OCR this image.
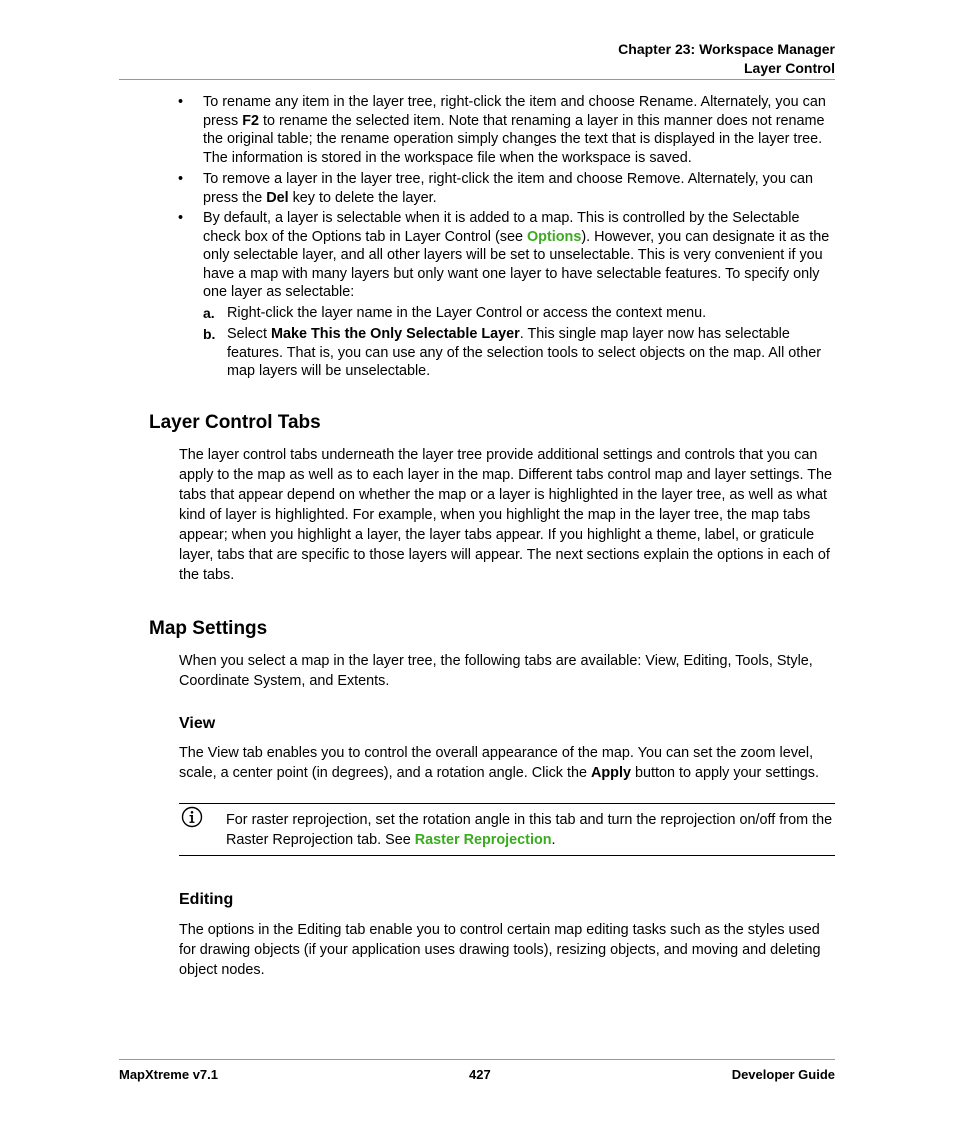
Chapter 23: Workspace Manager
Layer Control
• To rename any item in the layer tree, right-click the item and choose Rename. Alternately, you can press F2 to rename the selected item. Note that renaming a layer in this manner does not rename the original table; the rename operation simply changes the text that is displayed in the layer tree. The information is stored in the workspace file when the workspace is saved.
• To remove a layer in the layer tree, right-click the item and choose Remove. Alternately, you can press the Del key to delete the layer.
• By default, a layer is selectable when it is added to a map. This is controlled by the Selectable check box of the Options tab in Layer Control (see Options). However, you can designate it as the only selectable layer, and all other layers will be set to unselectable. This is very convenient if you have a map with many layers but only want one layer to have selectable features. To specify only one layer as selectable:
a. Right-click the layer name in the Layer Control or access the context menu.
b. Select Make This the Only Selectable Layer. This single map layer now has selectable features. That is, you can use any of the selection tools to select objects on the map. All other map layers will be unselectable.
Layer Control Tabs
The layer control tabs underneath the layer tree provide additional settings and controls that you can apply to the map as well as to each layer in the map. Different tabs control map and layer settings. The tabs that appear depend on whether the map or a layer is highlighted in the layer tree, as well as what kind of layer is highlighted. For example, when you highlight the map in the layer tree, the map tabs appear; when you highlight a layer, the layer tabs appear. If you highlight a theme, label, or graticule layer, tabs that are specific to those layers will appear. The next sections explain the options in each of the tabs.
Map Settings
When you select a map in the layer tree, the following tabs are available: View, Editing, Tools, Style, Coordinate System, and Extents.
View
The View tab enables you to control the overall appearance of the map. You can set the zoom level, scale, a center point (in degrees), and a rotation angle. Click the Apply button to apply your settings.
For raster reprojection, set the rotation angle in this tab and turn the reprojection on/off from the Raster Reprojection tab. See Raster Reprojection.
Editing
The options in the Editing tab enable you to control certain map editing tasks such as the styles used for drawing objects (if your application uses drawing tools), resizing objects, and moving and deleting object nodes.
MapXtreme v7.1	427	Developer Guide
